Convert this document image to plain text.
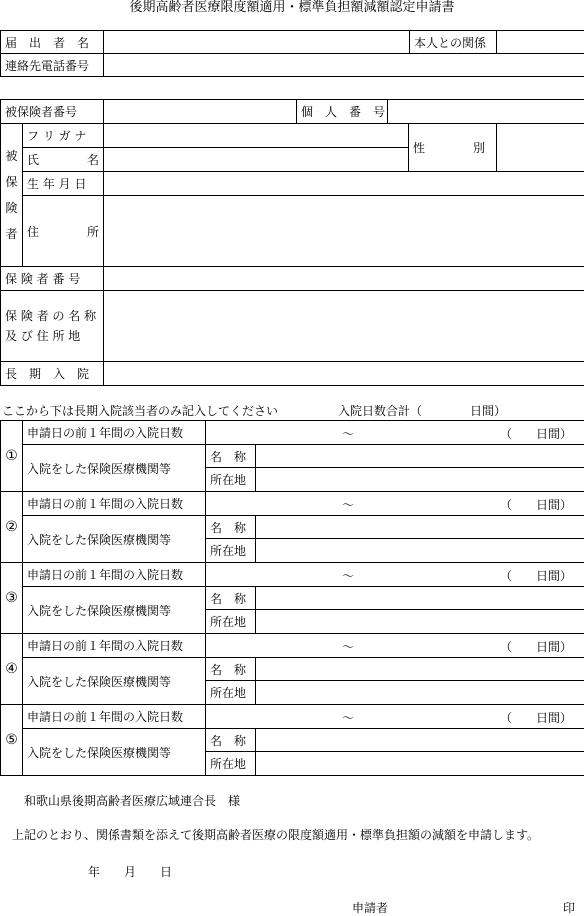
後期高齢者医療限度額適用・標準負担額減額認定申請書
届　出　者　名		本人との関係	
連絡先電話番号			
被保険者番号			個　人　番　号			

被
保
険
者	フ リ ガ ナ				性　　　　別	
	氏　　　　名					
	生 年 月 日					
	住　　　　所					
保 険 者 番 号						

保 険 者 の 名 称
及 び 住 所 地						

長　期　入　院						
ここから下は長期入院該当者のみ記入してください	入院日数合計（　　　　日間）
①	申請日の前１年間の入院日数	～ （　　日間）	

	入院をした保険医療機関等	名　称	
		所在地	
②	申請日の前１年間の入院日数	～ （　　日間）	

	入院をした保険医療機関等	名　称	
		所在地	
③	申請日の前１年間の入院日数	～ （　　日間）	

	入院をした保険医療機関等	名　称	
		所在地	
④	申請日の前１年間の入院日数	～ （　　日間）	

	入院をした保険医療機関等	名　称	
		所在地	
⑤	申請日の前１年間の入院日数	～ （　　日間）	

	入院をした保険医療機関等	名　称	
		所在地	
和歌山県後期高齢者医療広域連合長　様
上記のとおり、関係書類を添えて後期高齢者医療の限度額適用・標準負担額の減額を申請します。
年　　月　　日
申請者	印
